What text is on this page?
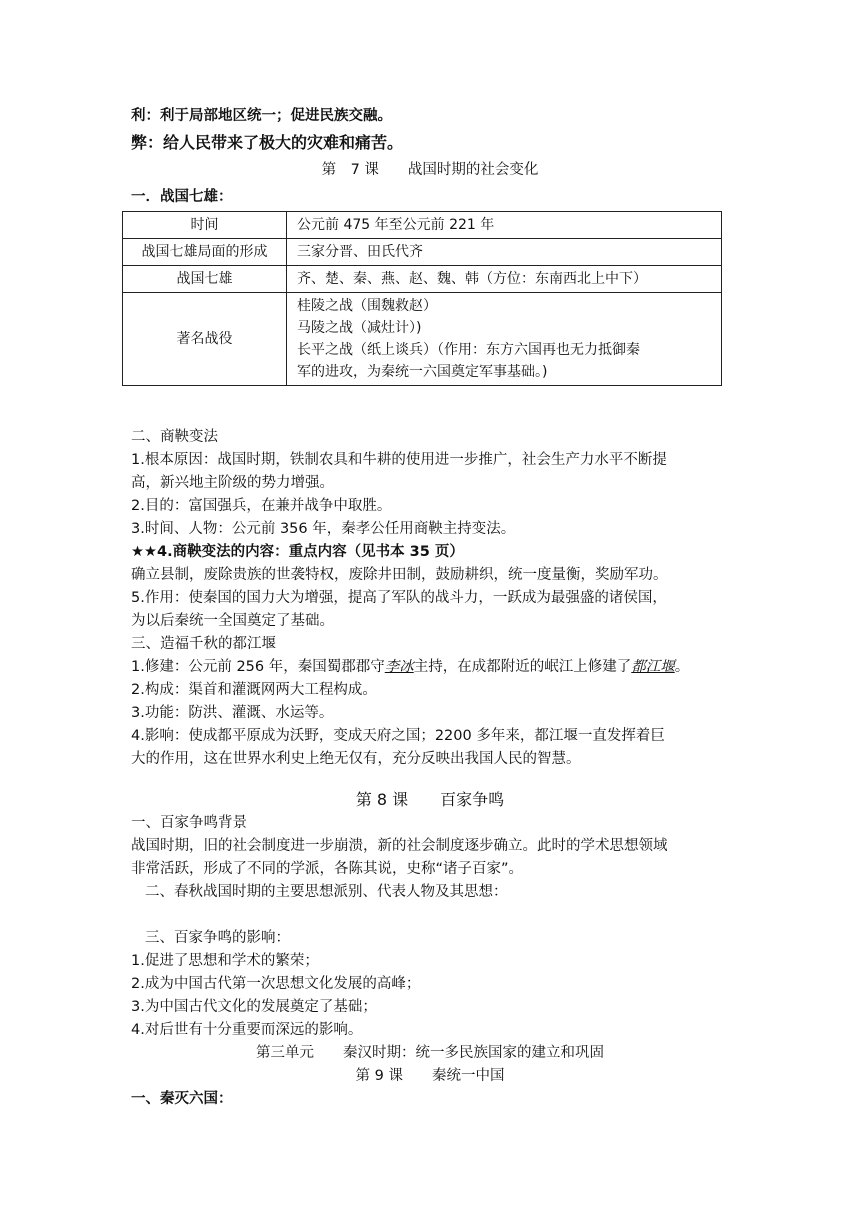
利：利于局部地区统一；促进民族交融。
弊：给人民带来了极大的灾难和痛苦。
第　7 课　　战国时期的社会变化
一．战国七雄：
时间	公元前 475 年至公元前 221 年
战国七雄局面的形成	三家分晋、田氏代齐
战国七雄	齐、楚、秦、燕、赵、魏、韩（方位：东南西北上中下）
著名战役	桂陵之战（围魏救赵）
马陵之战（减灶计）)
长平之战（纸上谈兵）（作用：东方六国再也无力抵御秦
军的进攻，为秦统一六国奠定军事基础。)
二、商鞅变法
1.根本原因：战国时期，铁制农具和牛耕的使用进一步推广，社会生产力水平不断提
高，新兴地主阶级的势力增强。
2.目的：富国强兵，在兼并战争中取胜。
3.时间、人物：公元前 356 年，秦孝公任用商鞅主持变法。
★★4.商鞅变法的内容：重点内容（见书本 35 页）
确立县制，废除贵族的世袭特权，废除井田制，鼓励耕织，统一度量衡，奖励军功。
5.作用：使秦国的国力大为增强，提高了军队的战斗力，一跃成为最强盛的诸侯国，
为以后秦统一全国奠定了基础。
三、造福千秋的都江堰
1.修建：公元前 256 年，秦国蜀郡郡守李冰主持，在成都附近的岷江上修建了都江堰。
2.构成：渠首和灌溉网两大工程构成。
3.功能：防洪、灌溉、水运等。
4.影响：使成都平原成为沃野，变成天府之国；2200 多年来，都江堰一直发挥着巨
大的作用，这在世界水利史上绝无仅有，充分反映出我国人民的智慧。
第 8 课　　百家争鸣
一、百家争鸣背景
战国时期，旧的社会制度进一步崩溃，新的社会制度逐步确立。此时的学术思想领域
非常活跃，形成了不同的学派，各陈其说，史称“诸子百家”。
二、春秋战国时期的主要思想派别、代表人物及其思想：
三、百家争鸣的影响：
1.促进了思想和学术的繁荣；
2.成为中国古代第一次思想文化发展的高峰；
3.为中国古代文化的发展奠定了基础；
4.对后世有十分重要而深远的影响。
第三单元　　秦汉时期：统一多民族国家的建立和巩固
第 9 课　　秦统一中国
一、秦灭六国：
